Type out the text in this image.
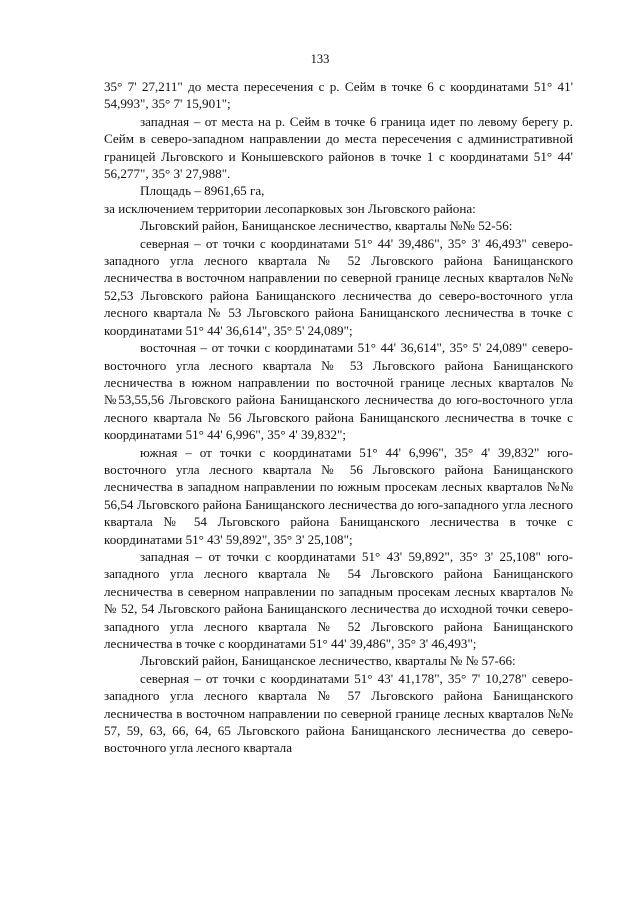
133

35° 7' 27,211" до места пересечения с р. Сейм в точке 6 с координатами 51° 41' 54,993", 35° 7' 15,901";

западная – от места на р. Сейм в точке 6 граница идет по левому берегу р. Сейм в северо-западном направлении до места пересечения с административной границей Льговского и Конышевского районов в точке 1 с координатами 51° 44' 56,277", 35° 3' 27,988".

Площадь – 8961,65 га,

за исключением территории лесопарковых зон Льговского района:

Льговский район, Банищанское лесничество, кварталы №№ 52-56:

северная – от точки с координатами 51° 44' 39,486", 35° 3' 46,493" северо-западного угла лесного квартала № 52 Льговского района Банищанского лесничества в восточном направлении по северной границе лесных кварталов №№ 52,53 Льговского района Банищанского лесничества до северо-восточного угла лесного квартала № 53 Льговского района Банищанского лесничества в точке с координатами 51° 44' 36,614", 35° 5' 24,089";

восточная – от точки с координатами 51° 44' 36,614", 35° 5' 24,089" северо-восточного угла лесного квартала № 53 Льговского района Банищанского лесничества в южном направлении по восточной границе лесных кварталов №№53,55,56 Льговского района Банищанского лесничества до юго-восточного угла лесного квартала № 56 Льговского района Банищанского лесничества в точке с координатами 51° 44' 6,996", 35° 4' 39,832";

южная – от точки с координатами 51° 44' 6,996", 35° 4' 39,832" юго-восточного угла лесного квартала № 56 Льговского района Банищанского лесничества в западном направлении по южным просекам лесных кварталов №№ 56,54 Льговского района Банищанского лесничества до юго-западного угла лесного квартала № 54 Льговского района Банищанского лесничества в точке с координатами 51° 43' 59,892", 35° 3' 25,108";

западная – от точки с координатами 51° 43' 59,892", 35° 3' 25,108" юго-западного угла лесного квартала № 54 Льговского района Банищанского лесничества в северном направлении по западным просекам лесных кварталов №№ 52, 54 Льговского района Банищанского лесничества до исходной точки северо-западного угла лесного квартала № 52 Льговского района Банищанского лесничества в точке с координатами 51° 44' 39,486", 35° 3' 46,493";

Льговский район, Банищанское лесничество, кварталы № № 57-66:

северная – от точки с координатами 51° 43' 41,178", 35° 7' 10,278" северо-западного угла лесного квартала № 57 Льговского района Банищанского лесничества в восточном направлении по северной границе лесных кварталов №№ 57, 59, 63, 66, 64, 65 Льговского района Банищанского лесничества до северо-восточного угла лесного квартала
